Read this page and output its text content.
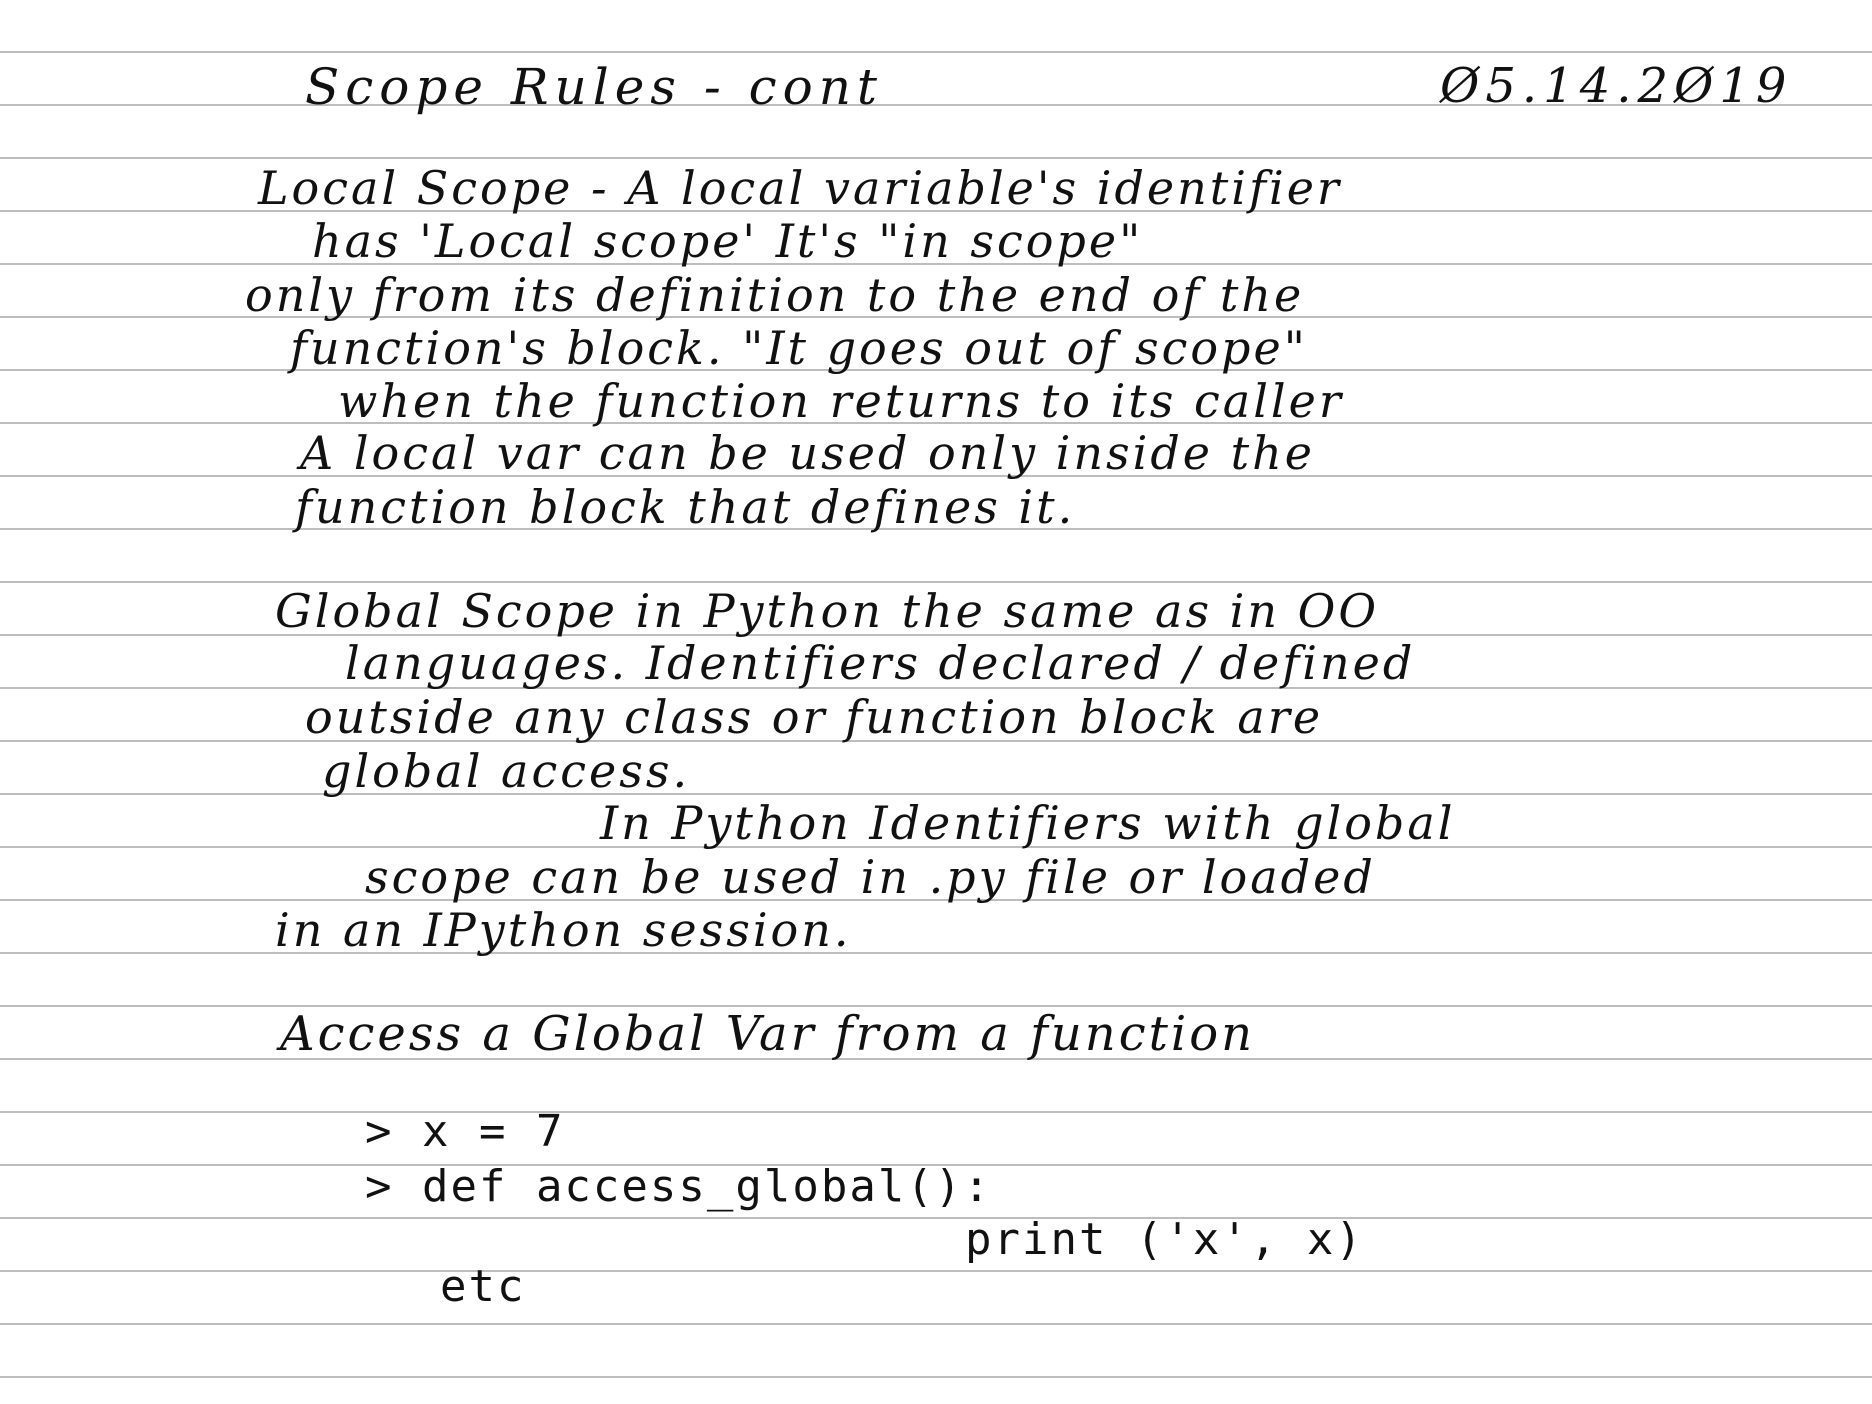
Scope Rules - cont	Ø5.14.2Ø19
Local Scope - A local variable's identifier
has 'Local scope' It's "in scope"
only from its definition to the end of the
function's block. "It goes out of scope"
when the function returns to its caller
A local var can be used only inside the
function block that defines it.
Global Scope in Python the same as in OO
languages. Identifiers declared / defined
outside any class or function block are
global access.
In Python Identifiers with global
scope can be used in .py file or loaded
in an IPython session.
Access a Global Var from a function
> x = 7
> def access_global():
print ('x', x)
etc
